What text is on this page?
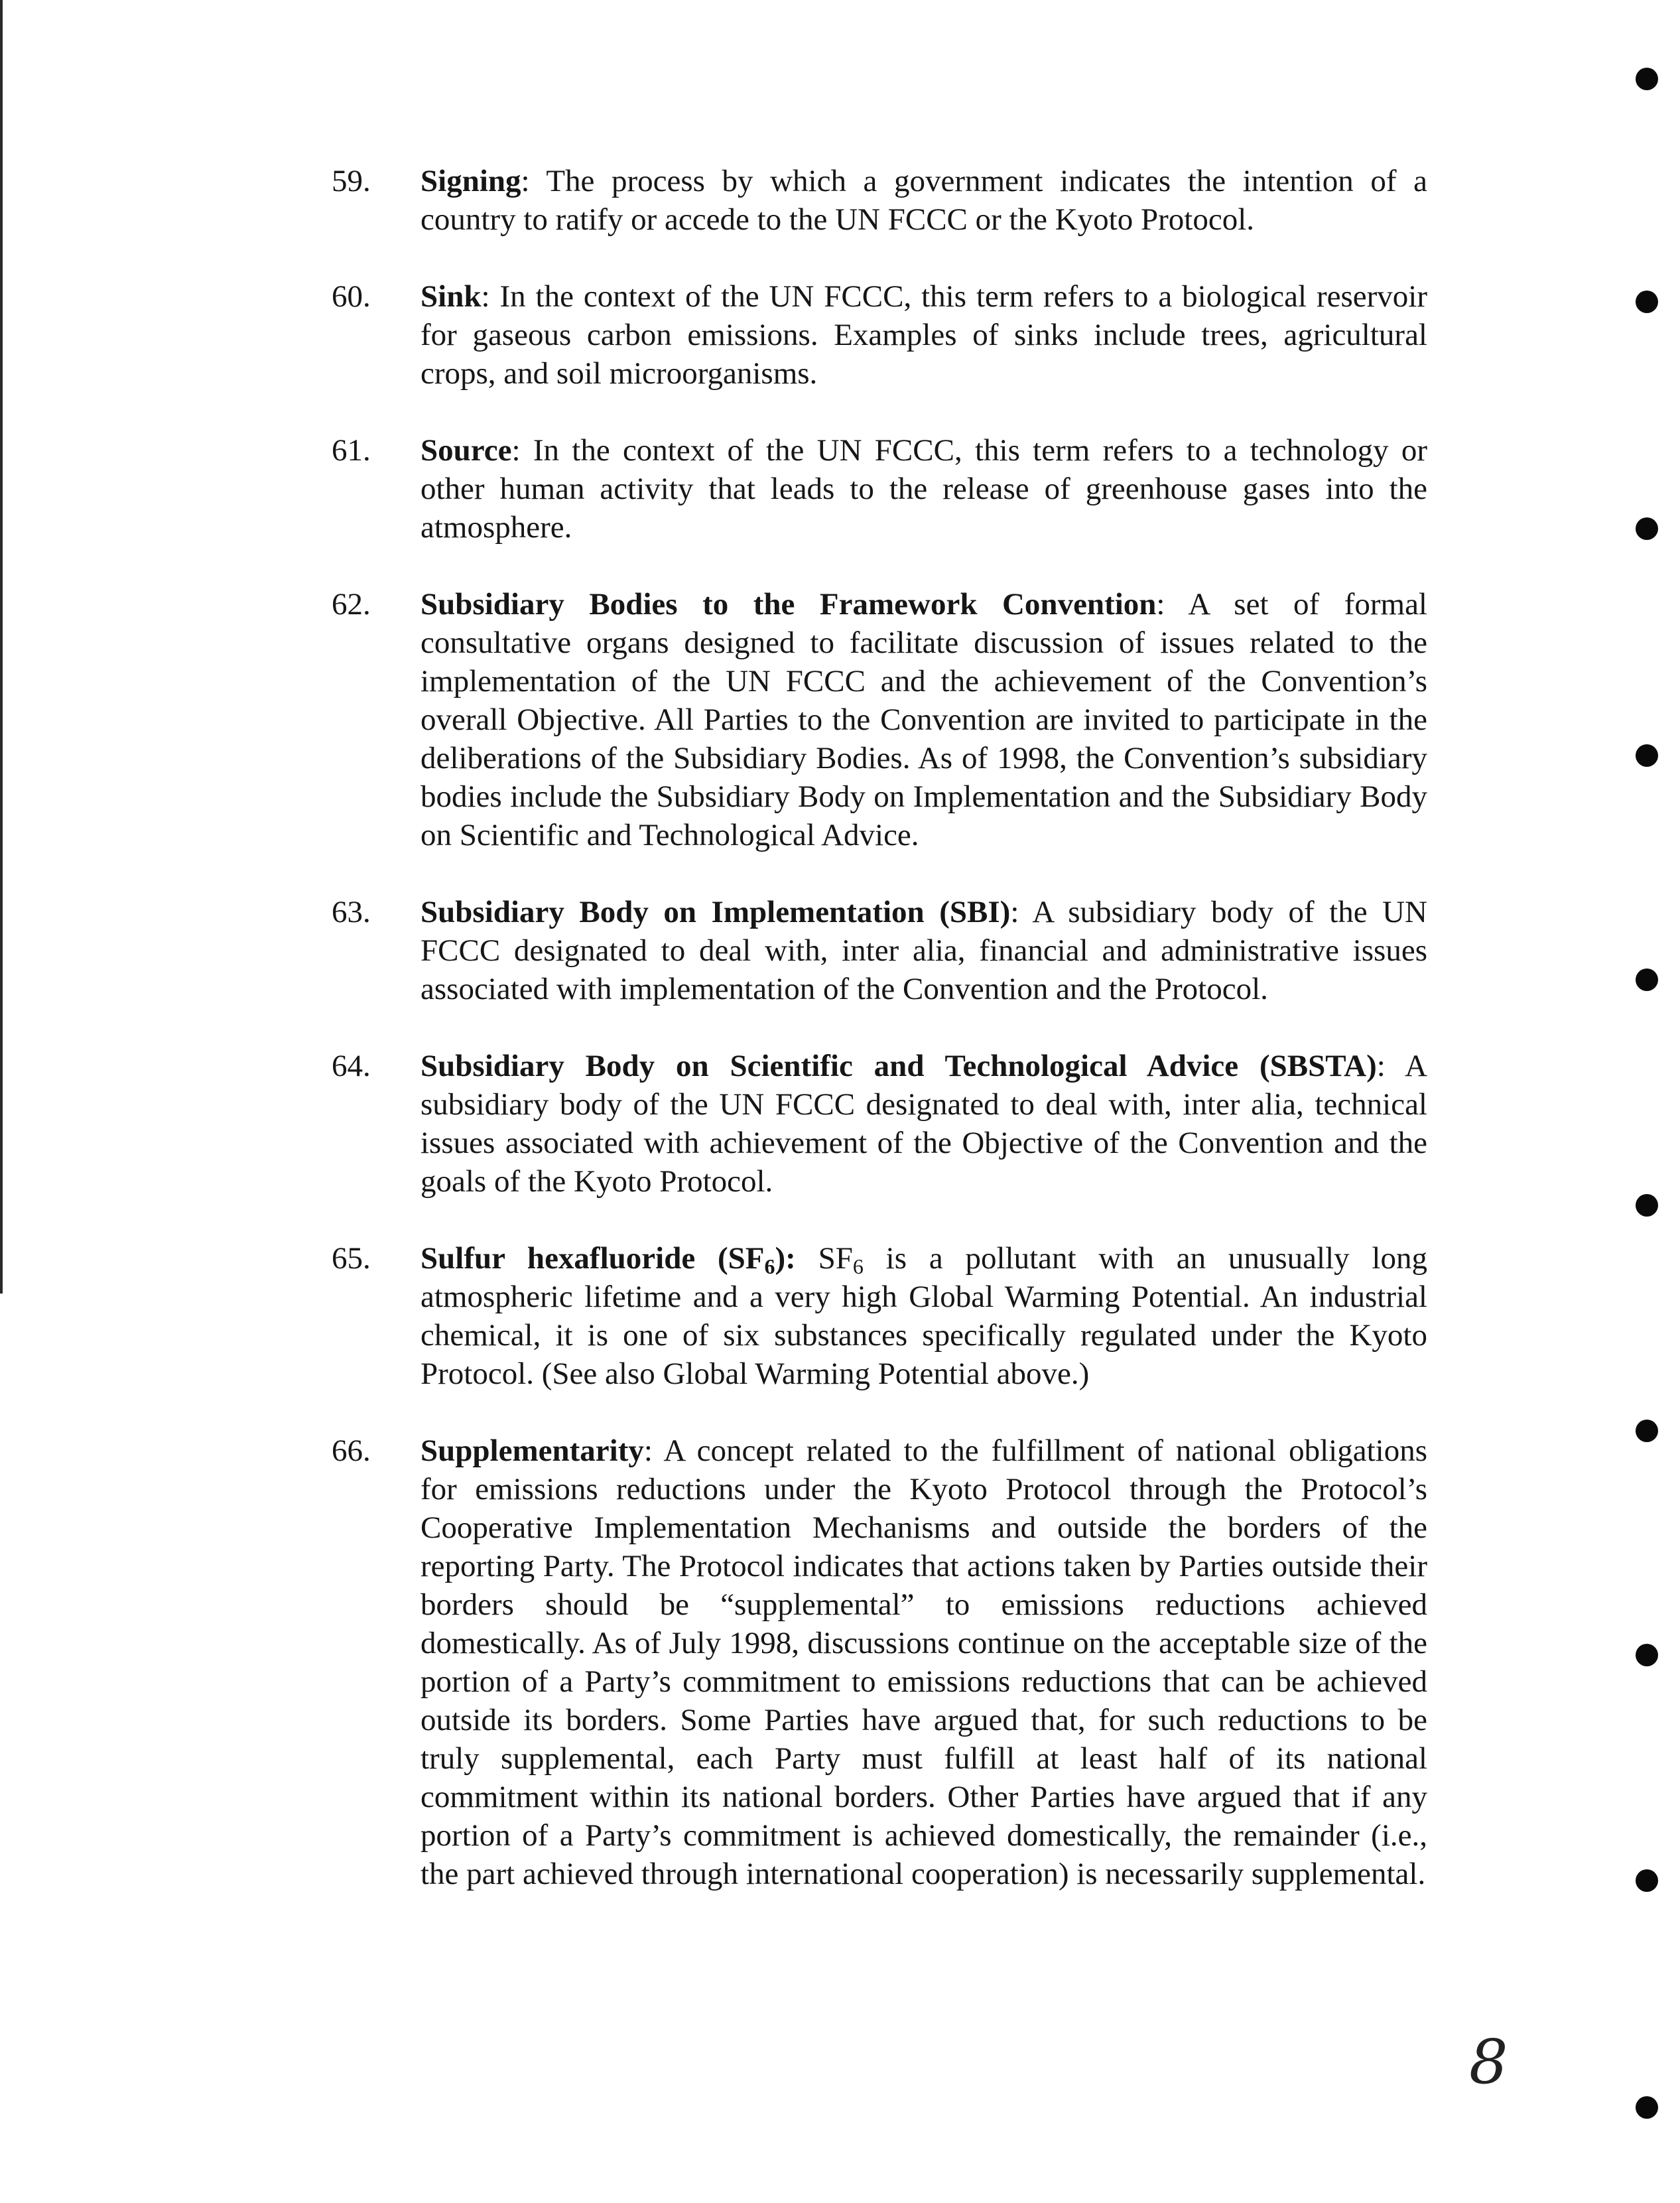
59. Signing: The process by which a government indicates the intention of a country to ratify or accede to the UN FCCC or the Kyoto Protocol.
60. Sink: In the context of the UN FCCC, this term refers to a biological reservoir for gaseous carbon emissions. Examples of sinks include trees, agricultural crops, and soil microorganisms.
61. Source: In the context of the UN FCCC, this term refers to a technology or other human activity that leads to the release of greenhouse gases into the atmosphere.
62. Subsidiary Bodies to the Framework Convention: A set of formal consultative organs designed to facilitate discussion of issues related to the implementation of the UN FCCC and the achievement of the Convention’s overall Objective. All Parties to the Convention are invited to participate in the deliberations of the Subsidiary Bodies. As of 1998, the Convention’s subsidiary bodies include the Subsidiary Body on Implementation and the Subsidiary Body on Scientific and Technological Advice.
63. Subsidiary Body on Implementation (SBI): A subsidiary body of the UN FCCC designated to deal with, inter alia, financial and administrative issues associated with implementation of the Convention and the Protocol.
64. Subsidiary Body on Scientific and Technological Advice (SBSTA): A subsidiary body of the UN FCCC designated to deal with, inter alia, technical issues associated with achievement of the Objective of the Convention and the goals of the Kyoto Protocol.
65. Sulfur hexafluoride $(SF_6)$: $SF_6$ is a pollutant with an unusually long atmospheric lifetime and a very high Global Warming Potential. An industrial chemical, it is one of six substances specifically regulated under the Kyoto Protocol. (See also Global Warming Potential above.)
66. Supplementarity: A concept related to the fulfillment of national obligations for emissions reductions under the Kyoto Protocol through the Protocol’s Cooperative Implementation Mechanisms and outside the borders of the reporting Party. The Protocol indicates that actions taken by Parties outside their borders should be “supplemental” to emissions reductions achieved domestically. As of July 1998, discussions continue on the acceptable size of the portion of a Party’s commitment to emissions reductions that can be achieved outside its borders. Some Parties have argued that, for such reductions to be truly supplemental, each Party must fulfill at least half of its national commitment within its national borders. Other Parties have argued that if any portion of a Party’s commitment is achieved domestically, the remainder (i.e., the part achieved through international cooperation) is necessarily supplemental.
8
